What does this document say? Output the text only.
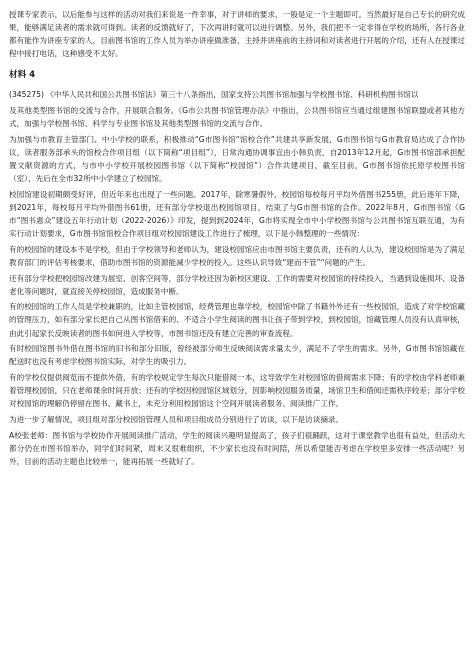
授课专家表示，以后能参与这样的活动对我们来说是一件幸事，对于讲师的要求，一般是定一个主题即可。当然最好是自己专长的研究成果，能够满足读者的需求就可得到。读者的反馈就好了，下次再讲时就可以进行调整。另外，我们把不一定非得在学校的场所，各行各业都有能作为讲座专家的人，目前图书馆的工作人员为举办讲座做准备，主持并讲座前的主持词和对读者进行开展的介绍，还有人在授课过程中接打电话，这种感受不太好。
材料 4
(345275) 《中华人民共和国公共图书馆法》第三十八条指出，国家支持公共图书馆加强与学校图书馆、科研机构图书馆以
及其他类型图书馆的交流与合作，开展联合服务。《G市公共图书馆管理办法》中指出，公共图书馆应当通过组建图书馆联盟或者其他方式，加强与学校图书馆、科学与专业图书馆及其他类型图书馆的交流与合作。
为加强与市教育主管部门、中小学校的联系，积极推动“G市图书馆“馆校合作”共建共享新发展，G市图书馆与G市教育局达成了合作协议，读者服务部承头的馆校合作项目组（以下简称“项目组”），日常沟通协调事宜由小韩负责，自2013年12月起，G市图书馆部承担配置文献资源的方式，与市中小学校开展校园图书馆（以下简称“校园馆”）合作共建项目，截至目前，G市图书馆依托原学校图书馆（室），先后在全市32所中小学建立了校园馆。
校园馆建设初期颇受好评，但近年来也出现了一些问题。2017年，除寒暑假外，校园馆每校每月平均外借图书255册，此后逐年下降，到2021年，每校每月平均外借图书61册，还有部分学校退出校园馆项目，结束了与G市图书馆的合作。2022年8月，G市图书馆《G市“图书惠众”建设五年行动计划（2022-2026）》印发，提到到2024年，G市将实现全市中小学校图书馆与公共图书馆互联互通，为有实行动计划要求，G市图书馆馆校合作项目组对校园馆建设工作进行了梳理，以下是小韩整理的一些情况：
有的校园馆的建设本不是学校，但由于学校领导和老师认为，建设校园馆应由市图书馆主要负责，还有的人认为，建设校园馆是为了满足教育部门的评估考核要求，借助市图书馆的资源能减少学校的投入。这些认识导致“建而不管”“问题的产生。
还有部分学校把校园馆改建为展室、创客空间等，部分学校还因为新校区建设、工作的需要对校园馆的持续投入，当遇到设施损坏、设备老化等问题时，就直接关停校园馆，造成服务中断。
有的校园馆的工作人员是学校兼职的，比如主管校园馆，经费管理也靠学校，校园馆中除了书籍外外还有一些校园馆，造成了对学校馆藏的管理压力，如有部分家长把自己从图书馆借来的、不适合小学生阅读的图书让孩子带到学校，到校园馆，馆藏管理人员没有认真审核，由此引起家长反映读者的图书如何进入学校等，市图书馆还没有建立完善的审查流程。
有时校园馆图书外借在图书馆的旧书和部分旧版，曾经被部分师生反映阅读需求量太少，满足不了学生的需求。另外，G市图书馆馆藏在配送时也没有考虑学校图书馆实际，对学生的吸引力。
有的学校仅提供阅览而不提供外借，有的学校规定学生每次只能借阅一本，这导致学生对校园馆的借阅需求下降；有的学校由学科老师兼着管理校园馆，只在老师课余时间开放；还有的学校因校园馆区域划分，因影响校园服务质量，场馆卫生和借阅还需秩序较差；部分学校对校园馆的理解仍停留在图书、藏书上，未充分利用校园馆这个空间开展读者服务、阅读推广工作。
为进一步了解情况，项目组对部分校园馆管理人员和项目组成员分别进行了访谈，以下是访谈摘录。
A校张老师：图书馆与学校协作开展阅读推广活动，学生的阅读兴趣明显提高了，孩子们很踊跃，这对于课堂教学也很有益处，但活动大都分仍在市图书馆举办，同学们时间紧，周末又很难组织，不少家长也没有时间陪，所以希望能否考虑在学校里多安排一些活动呢？另外，目前的活动主题也比较单一，能再拓展一些就好了。
